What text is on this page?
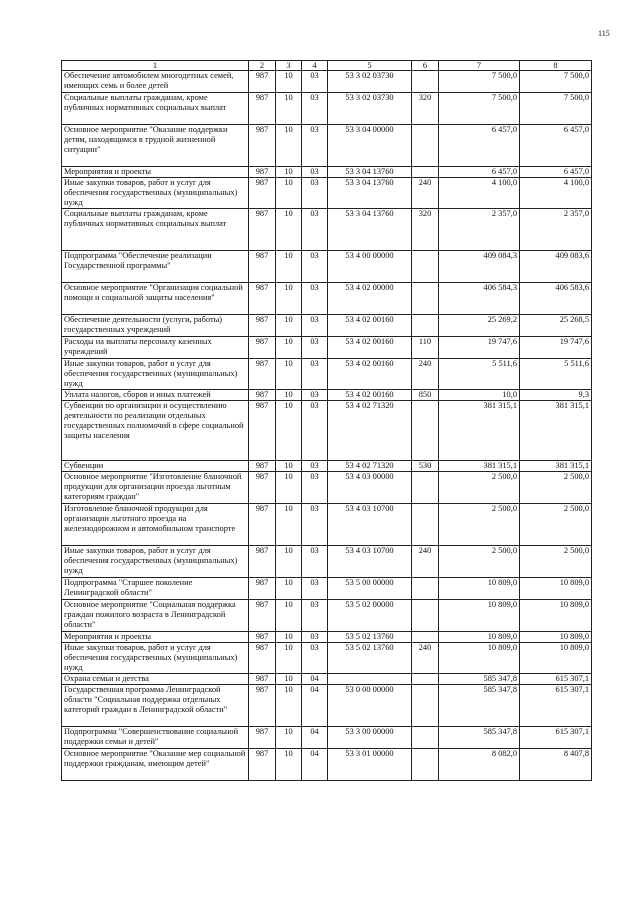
115
1	2	3	4	5	6	7	8
Обеспечение автомобилем многодетных семей, имеющих семь и более детей	987	10	03	53 3 02 03730		7 500,0	7 500,0
Социальные выплаты гражданам, кроме публичных нормативных социальных выплат	987	10	03	53 3 02 03730	320	7 500,0	7 500,0
Основное мероприятие "Оказание поддержки детям, находящимся в трудной жизненной ситуации"	987	10	03	53 3 04 00000		6 457,0	6 457,0
Мероприятия и проекты	987	10	03	53 3 04 13760		6 457,0	6 457,0
Иные закупки товаров, работ и услуг для обеспечения государственных (муниципальных) нужд	987	10	03	53 3 04 13760	240	4 100,0	4 100,0
Социальные выплаты гражданам, кроме публичных нормативных социальных выплат	987	10	03	53 3 04 13760	320	2 357,0	2 357,0
Подпрограмма "Обеспечение реализации Государственной программы"	987	10	03	53 4 00 00000		409 084,3	409 083,6
Основное мероприятие "Организация социальной помощи и социальной защиты населения"	987	10	03	53 4 02 00000		406 584,3	406 583,6
Обеспечение деятельности (услуги, работы) государственных учреждений	987	10	03	53 4 02 00160		25 269,2	25 268,5
Расходы на выплаты персоналу казенных учреждений	987	10	03	53 4 02 00160	110	19 747,6	19 747,6
Иные закупки товаров, работ и услуг для обеспечения государственных (муниципальных) нужд	987	10	03	53 4 02 00160	240	5 511,6	5 511,6
Уплата налогов, сборов и иных платежей	987	10	03	53 4 02 00160	850	10,0	9,3
Субвенции по организации и осуществлению деятельности по реализации отдельных государственных полномочий в сфере социальной защиты населения	987	10	03	53 4 02 71320		381 315,1	381 315,1
Субвенции	987	10	03	53 4 02 71320	530	381 315,1	381 315,1
Основное мероприятие "Изготовление бланочной продукции для организации проезда льготным категориям граждан"	987	10	03	53 4 03 00000		2 500,0	2 500,0
Изготовление бланочной продукции для организации льготного проезда на железнодорожном и автомобильном транспорте	987	10	03	53 4 03 10700		2 500,0	2 500,0
Иные закупки товаров, работ и услуг для обеспечения государственных (муниципальных) нужд	987	10	03	53 4 03 10700	240	2 500,0	2 500,0
Подпрограмма "Старшее поколение Ленинградской области"	987	10	03	53 5 00 00000		10 809,0	10 809,0
Основное мероприятие "Социальная поддержка граждан пожилого возраста в Ленинградской области"	987	10	03	53 5 02 00000		10 809,0	10 809,0
Мероприятия и проекты	987	10	03	53 5 02 13760		10 809,0	10 809,0
Иные закупки товаров, работ и услуг для обеспечения государственных (муниципальных) нужд	987	10	03	53 5 02 13760	240	10 809,0	10 809,0
Охрана семьи и детства	987	10	04			585 347,8	615 307,1
Государственная программа Ленинградской области "Социальная поддержка отдельных категорий граждан в Ленинградской области"	987	10	04	53 0 00 00000		585 347,8	615 307,1
Подпрограмма "Совершенствование социальной поддержки семьи и детей"	987	10	04	53 3 00 00000		585 347,8	615 307,1
Основное мероприятие "Оказание мер социальной поддержки гражданам, имеющим детей"	987	10	04	53 3 01 00000		8 082,0	8 407,8
